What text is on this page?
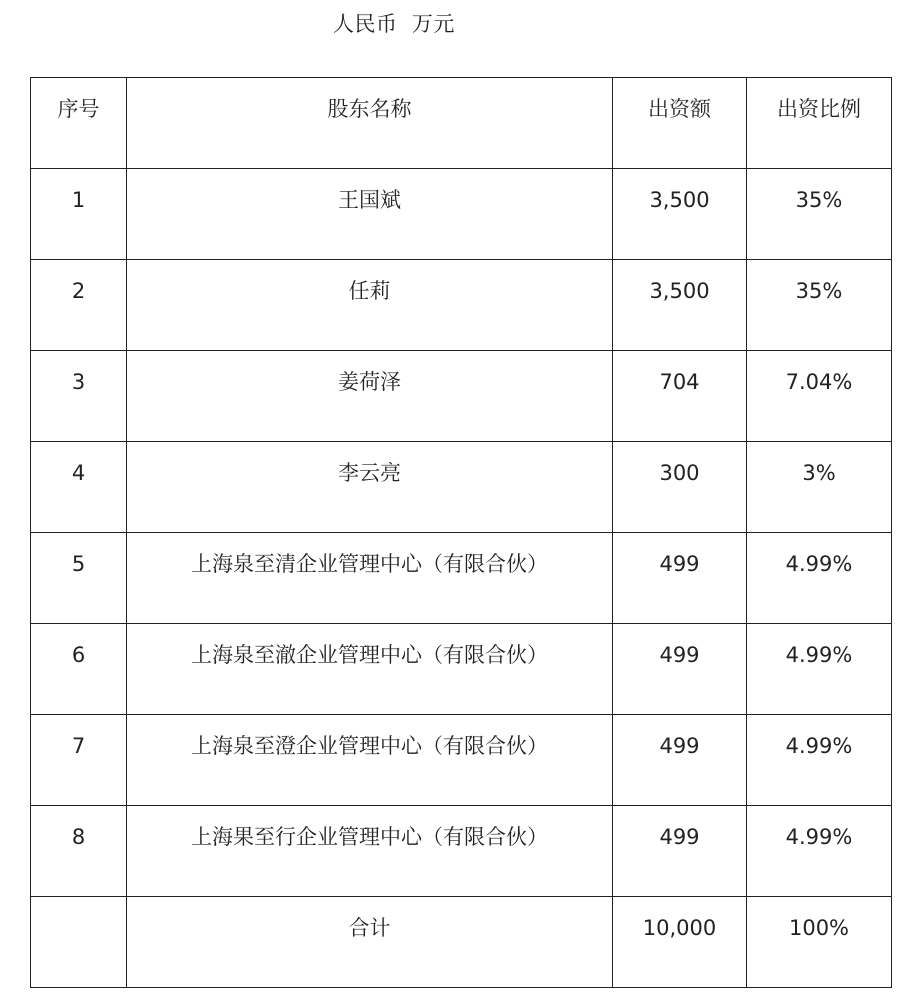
人民币  万元
序号	股东名称	出资额	出资比例

1	王国斌	3,500	35%

2	任莉	3,500	35%

3	姜荷泽	704	7.04%

4	李云亮	300	3%

5	上海泉至清企业管理中心（有限合伙）	499	4.99%

6	上海泉至澈企业管理中心（有限合伙）	499	4.99%

7	上海泉至澄企业管理中心（有限合伙）	499	4.99%

8	上海果至行企业管理中心（有限合伙）	499	4.99%

	合计	10,000	100%
